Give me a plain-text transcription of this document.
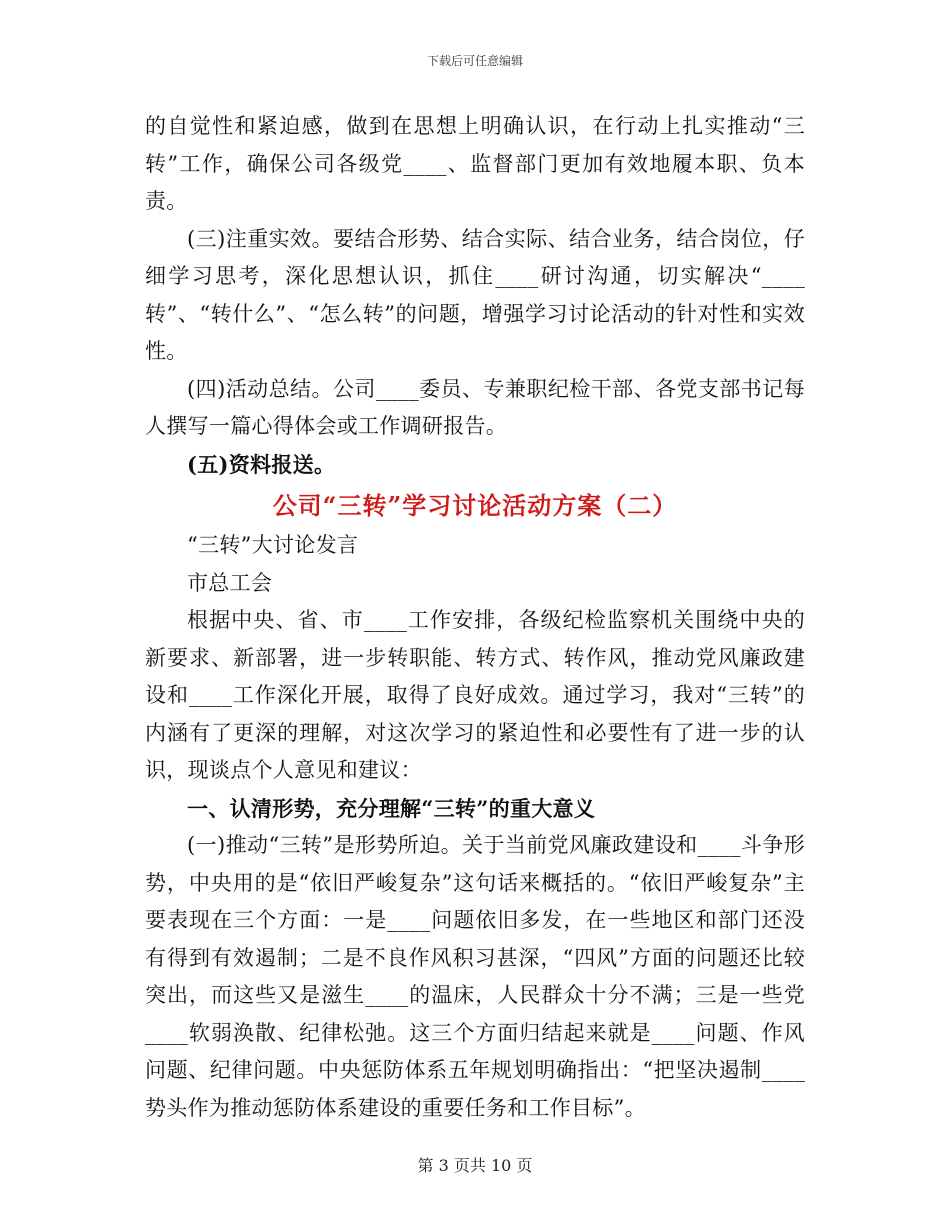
下载后可任意编辑

的自觉性和紧迫感，做到在思想上明确认识，在行动上扎实推动“三转”工作，确保公司各级党____、监督部门更加有效地履本职、负本责。

(三)注重实效。要结合形势、结合实际、结合业务，结合岗位，仔细学习思考，深化思想认识，抓住____研讨沟通，切实解决“____转”、“转什么”、“怎么转”的问题，增强学习讨论活动的针对性和实效性。

(四)活动总结。公司____委员、专兼职纪检干部、各党支部书记每人撰写一篇心得体会或工作调研报告。

(五)资料报送。

公司“三转”学习讨论活动方案（二）

“三转”大讨论发言

市总工会

根据中央、省、市____工作安排，各级纪检监察机关围绕中央的新要求、新部署，进一步转职能、转方式、转作风，推动党风廉政建设和____工作深化开展，取得了良好成效。通过学习，我对“三转”的内涵有了更深的理解，对这次学习的紧迫性和必要性有了进一步的认识，现谈点个人意见和建议：

一、认清形势，充分理解“三转”的重大意义

(一)推动“三转”是形势所迫。关于当前党风廉政建设和____斗争形势，中央用的是“依旧严峻复杂”这句话来概括的。“依旧严峻复杂”主要表现在三个方面：一是____问题依旧多发，在一些地区和部门还没有得到有效遏制；二是不良作风积习甚深，“四风”方面的问题还比较突出，而这些又是滋生____的温床，人民群众十分不满；三是一些党____软弱涣散、纪律松弛。这三个方面归结起来就是____问题、作风问题、纪律问题。中央惩防体系五年规划明确指出：“把坚决遏制____势头作为推动惩防体系建设的重要任务和工作目标”。

第 3 页共 10 页
